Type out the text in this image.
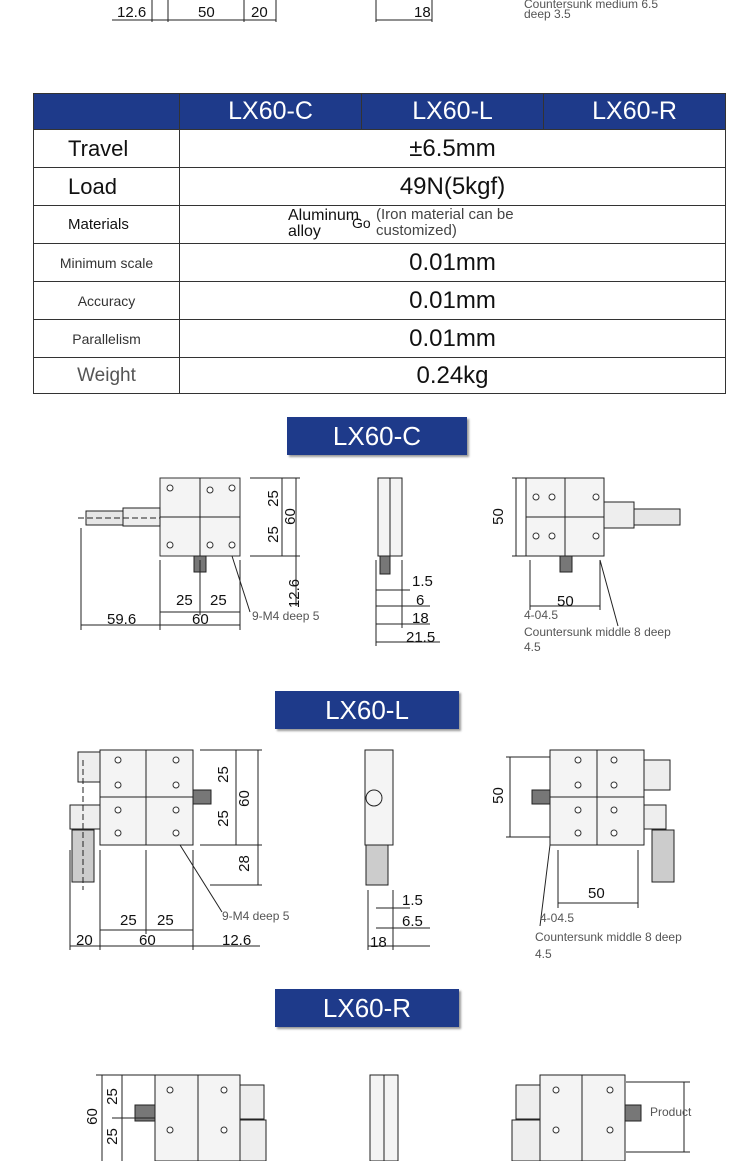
12.6	50 20	18	Countersunk medium 6.5
deep 3.5
	LX60-C	LX60-L	LX60-R
Travel	±6.5mm		
Load	49N(5kgf)		
Materials	Aluminum alloy Go (Iron material can be customized)		

Minimum scale	0.01mm		
Accuracy	0.01mm		
Parallelism	0.01mm		
Weight	0.24kg		
LX60-C
25
25
60
12.6
25 25
59.6	60	9-M4 deep 5
1.5
6
18
21.5
50
50
4-04.5
Countersunk middle 8 deep
4.5
LX60-L
25
60
25
28
25 25
20	60	12.6
9-M4 deep 5
1.5
6.5
18
50
50
4-04.5
Countersunk middle 8 deep
4.5
LX60-R
60
25
25
Product
